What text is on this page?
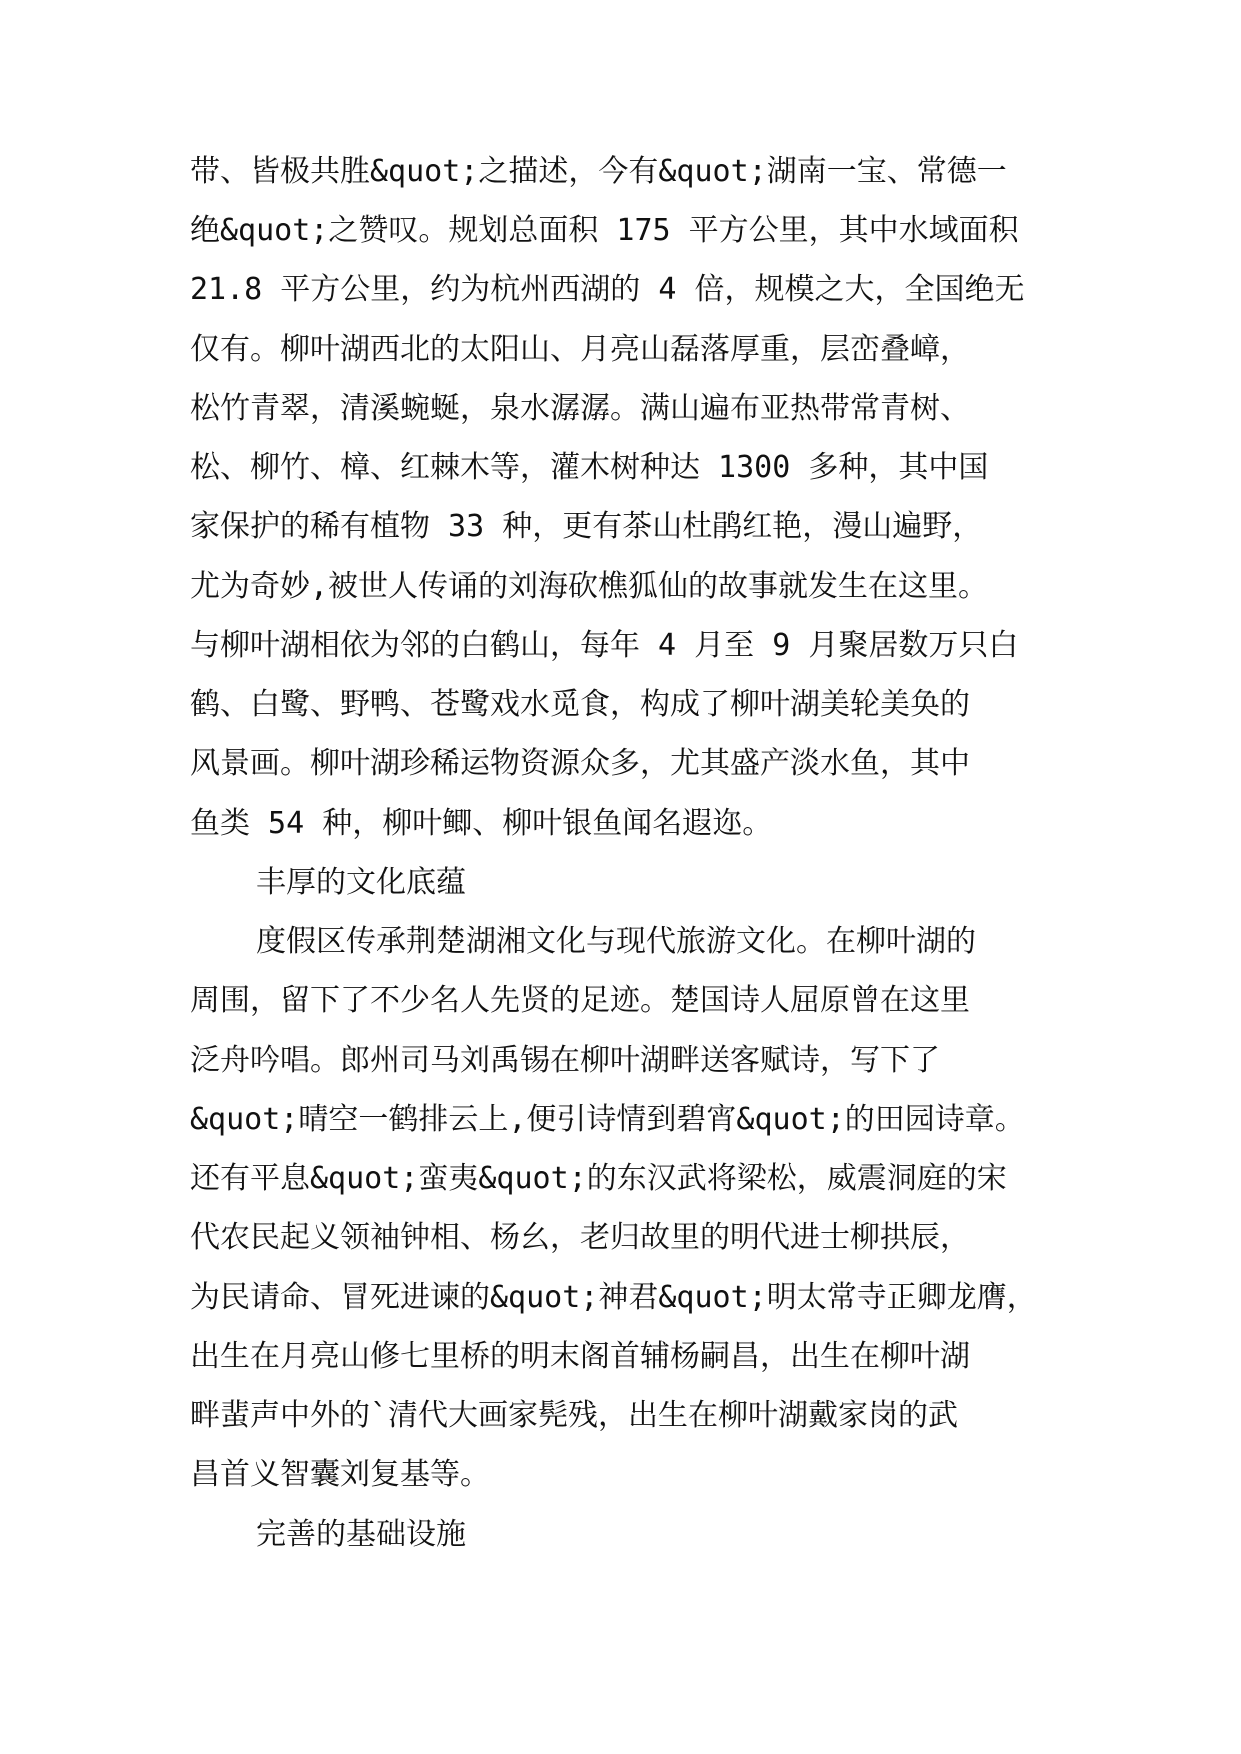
带、皆极共胜&quot;之描述，今有&quot;湖南一宝、常德一
绝&quot;之赞叹。规划总面积 175 平方公里，其中水域面积
21.8 平方公里，约为杭州西湖的 4 倍，规模之大，全国绝无
仅有。柳叶湖西北的太阳山、月亮山磊落厚重，层峦叠嶂，
松竹青翠，清溪蜿蜒，泉水潺潺。满山遍布亚热带常青树、
松、柳竹、樟、红棘木等，灌木树种达 1300 多种，其中国
家保护的稀有植物 33 种，更有茶山杜鹃红艳，漫山遍野，
尤为奇妙,被世人传诵的刘海砍樵狐仙的故事就发生在这里。
与柳叶湖相依为邻的白鹤山，每年 4 月至 9 月聚居数万只白
鹤、白鹭、野鸭、苍鹭戏水觅食，构成了柳叶湖美轮美奂的
风景画。柳叶湖珍稀运物资源众多，尤其盛产淡水鱼，其中
鱼类 54 种，柳叶鲫、柳叶银鱼闻名遐迩。
丰厚的文化底蕴
度假区传承荆楚湖湘文化与现代旅游文化。在柳叶湖的
周围，留下了不少名人先贤的足迹。楚国诗人屈原曾在这里
泛舟吟唱。郎州司马刘禹锡在柳叶湖畔送客赋诗，写下了
&quot;晴空一鹤排云上,便引诗情到碧宵&quot;的田园诗章。
还有平息&quot;蛮夷&quot;的东汉武将梁松，威震洞庭的宋
代农民起义领袖钟相、杨幺，老归故里的明代进士柳拱辰，
为民请命、冒死进谏的&quot;神君&quot;明太常寺正卿龙膺，
出生在月亮山修七里桥的明末阁首辅杨嗣昌，出生在柳叶湖
畔蜚声中外的`清代大画家髡残，出生在柳叶湖戴家岗的武
昌首义智囊刘复基等。
完善的基础设施
